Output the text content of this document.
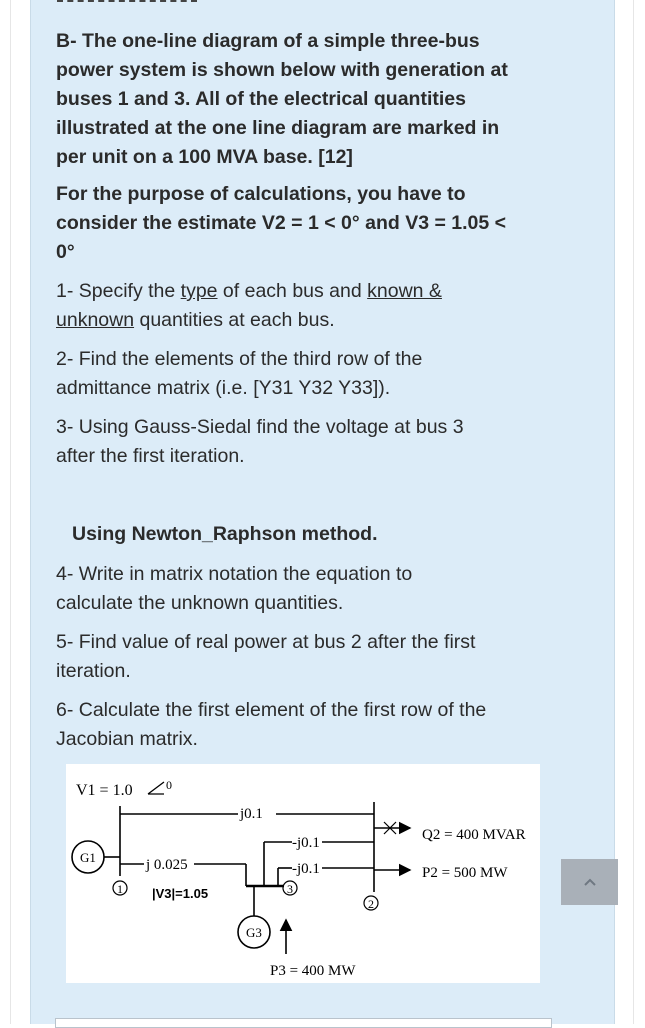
B- The one-line diagram of a simple three-bus
power system is shown below with generation at
buses 1 and 3. All of the electrical quantities
illustrated at the one line diagram are marked in
per unit on a 100 MVA base. [12]
For the purpose of calculations, you have to
consider the estimate V2 = 1 < 0° and V3 = 1.05 <
0°
1- Specify the type of each bus and known &
unknown quantities at each bus.
2- Find the elements of the third row of the
admittance matrix (i.e. [Y31 Y32 Y33]).
3- Using Gauss-Siedal find the voltage at bus 3
after the first iteration.
Using Newton_Raphson method.
4- Write in matrix notation the equation to
calculate the unknown quantities.
5- Find value of real power at bus 2 after the first
iteration.
6- Calculate the first element of the first row of the
Jacobian matrix.
V1 = 1.0	0
j0.1
-j0.1
-j0.1
j 0.025
G1
G3
1	3
2
P3 = 400 MW
Q2 = 400 MVAR
P2 = 500 MW
|V3|=1.05
